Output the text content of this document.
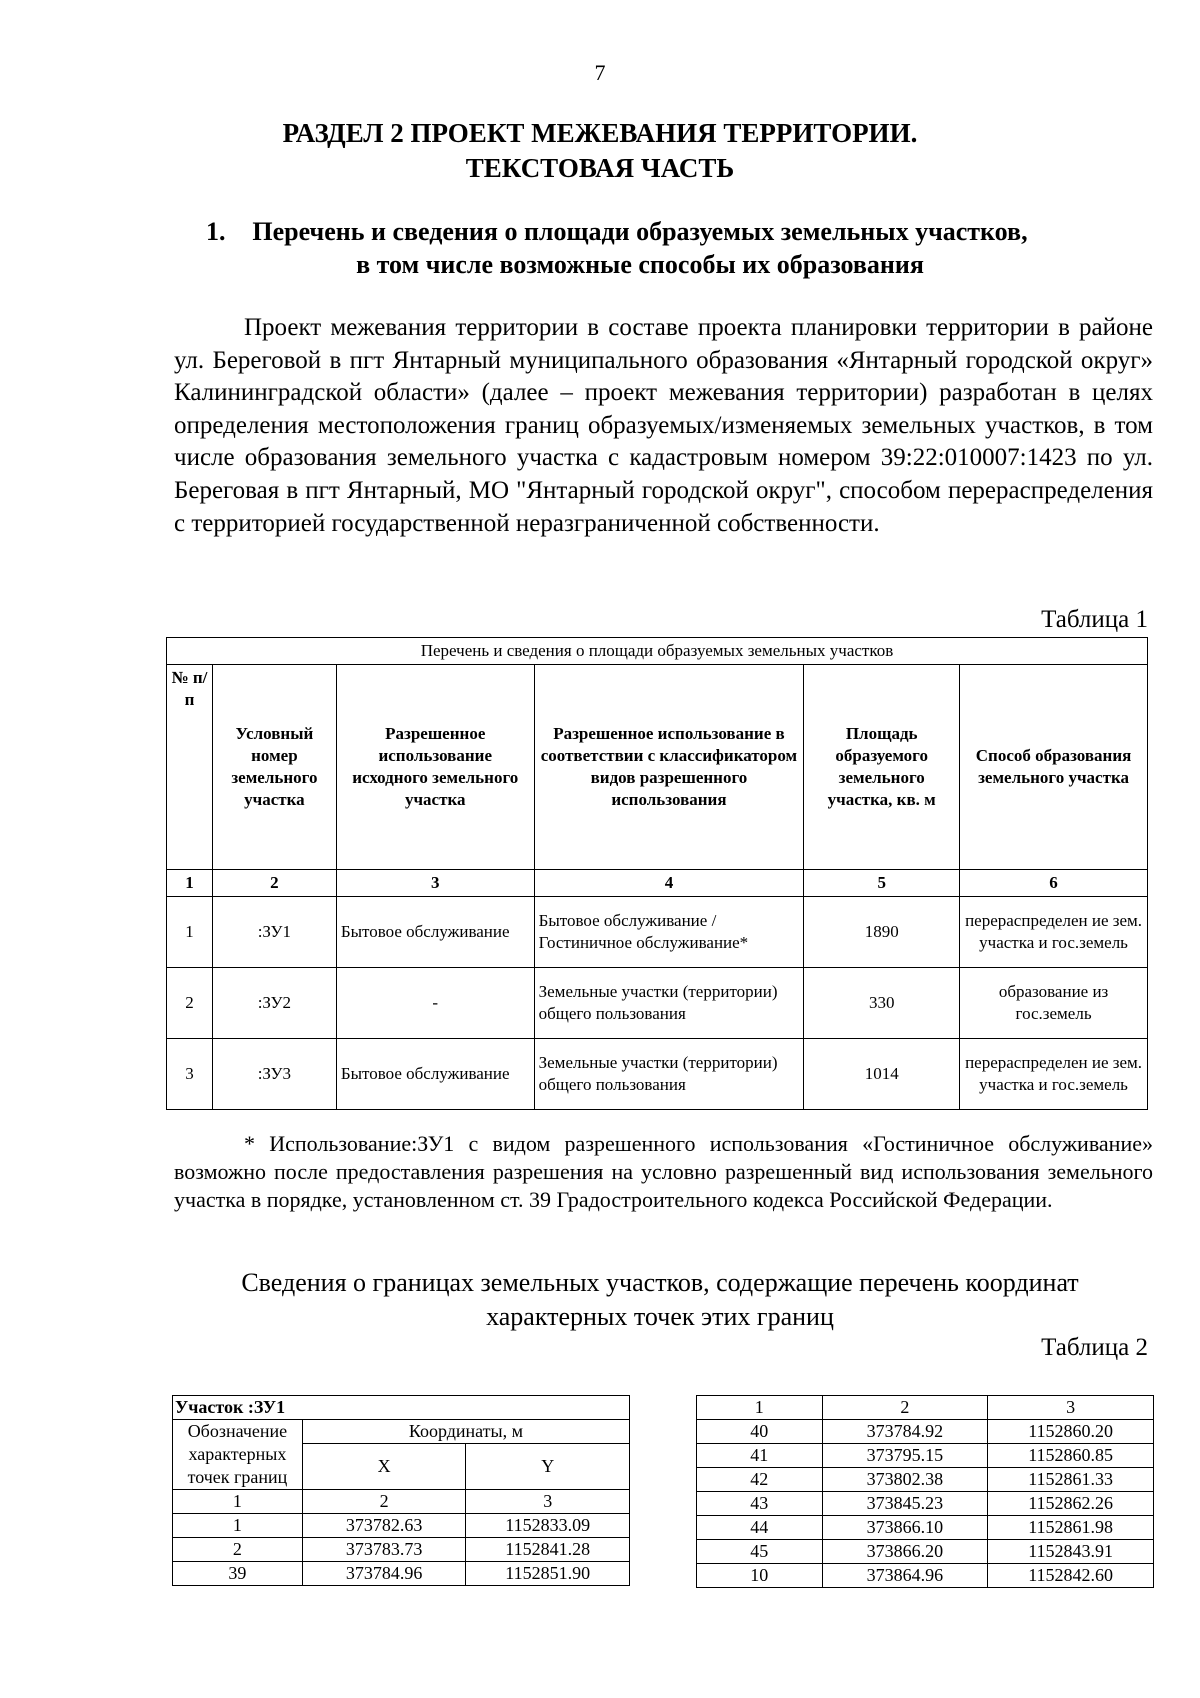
7
РАЗДЕЛ 2 ПРОЕКТ МЕЖЕВАНИЯ ТЕРРИТОРИИ.
ТЕКСТОВАЯ ЧАСТЬ
1.	Перечень и сведения о площади образуемых земельных участков,
в том числе возможные способы их образования
Проект межевания территории в составе проекта планировки территории в районе ул. Береговой в пгт Янтарный муниципального образования «Янтарный городской округ» Калининградской области» (далее – проект межевания территории) разработан в целях определения местоположения границ образуемых/изменяемых земельных участков, в том числе образования земельного участка с кадастровым номером 39:22:010007:1423 по ул. Береговая в пгт Янтарный, МО "Янтарный городской округ", способом перераспределения с территорией государственной неразграниченной собственности.
Таблица 1
Перечень и сведения о площади образуемых земельных участков					
№ п/ п	Условный номер земельного участка	Разрешенное использование исходного земельного участка	Разрешенное использование в соответствии с классификатором видов разрешенного использования	Площадь образуемого земельного участка, кв. м	Способ образования земельного участка
1	2	3	4	5	6
1	:ЗУ1	Бытовое обслуживание	Бытовое обслуживание / Гостиничное обслуживание*	1890	перераспределен ие зем. участка и гос.земель
2	:ЗУ2	-	Земельные участки (территории) общего пользования	330	образование из гос.земель
3	:ЗУ3	Бытовое обслуживание	Земельные участки (территории) общего пользования	1014	перераспределен ие зем. участка и гос.земель
* Использование:ЗУ1 с видом разрешенного использования «Гостиничное обслуживание» возможно после предоставления разрешения на условно разрешенный вид использования земельного участка в порядке, установленном ст. 39 Градостроительного кодекса Российской Федерации.
Сведения о границах земельных участков, содержащие перечень координат
характерных точек этих границ
Таблица 2
Участок :ЗУ1		
Обозначение характерных точек границ	Координаты, м	
	X	Y

1	2	3
1	373782.63	1152833.09
2	373783.73	1152841.28
39	373784.96	1152851.90
1	2	3
40	373784.92	1152860.20
41	373795.15	1152860.85
42	373802.38	1152861.33
43	373845.23	1152862.26
44	373866.10	1152861.98
45	373866.20	1152843.91
10	373864.96	1152842.60
